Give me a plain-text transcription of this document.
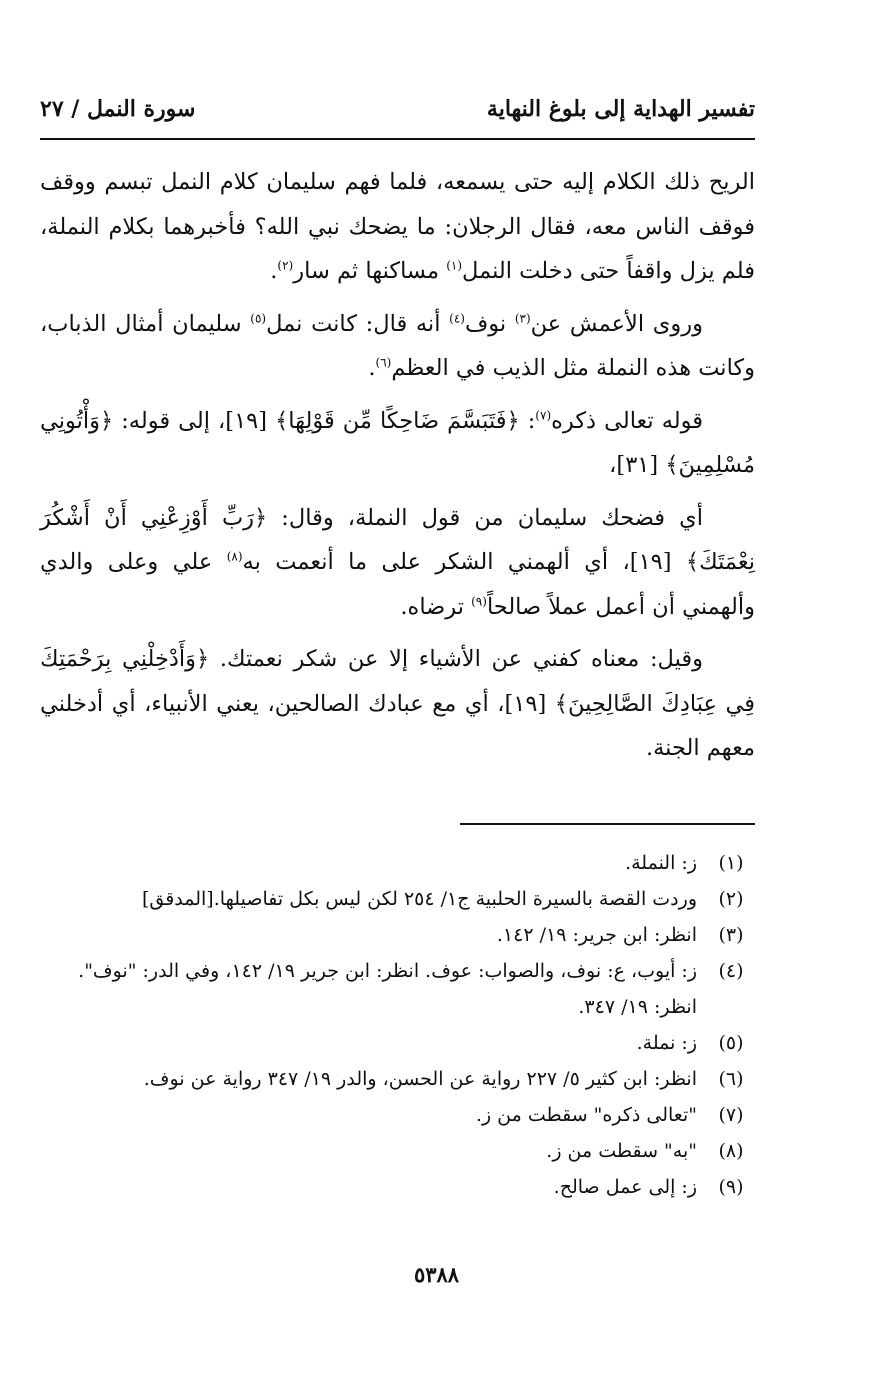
تفسير الهداية إلى بلوغ النهاية
سورة النمل / ٢٧

الريح ذلك الكلام إليه حتى يسمعه، فلما فهم سليمان كلام النمل تبسم ووقف فوقف الناس معه، فقال الرجلان: ما يضحك نبي الله؟ فأخبرهما بكلام النملة، فلم يزل واقفاً حتى دخلت النمل$^{(١)}$ مساكنها ثم سار$^{(٢)}$.

وروى الأعمش عن$^{(٣)}$ نوف$^{(٤)}$ أنه قال: كانت نمل$^{(٥)}$ سليمان أمثال الذباب، وكانت هذه النملة مثل الذيب في العظم$^{(٦)}$.

قوله تعالى ذكره$^{(٧)}$: ﴿فَتَبَسَّمَ ضَاحِكًا مِّن قَوْلِهَا﴾ [١٩]، إلى قوله: ﴿وَأْتُونِي مُسْلِمِينَ﴾ [٣١]،

أي فضحك سليمان من قول النملة، وقال: ﴿رَبِّ أَوْزِعْنِي أَنْ أَشْكُرَ نِعْمَتَكَ﴾ [١٩]، أي ألهمني الشكر على ما أنعمت به$^{(٨)}$ علي وعلى والدي وألهمني أن أعمل عملاً صالحاً$^{(٩)}$ ترضاه.

وقيل: معناه كفني عن الأشياء إلا عن شكر نعمتك. ﴿وَأَدْخِلْنِي بِرَحْمَتِكَ فِي عِبَادِكَ الصَّالِحِينَ﴾ [١٩]، أي مع عبادك الصالحين، يعني الأنبياء، أي أدخلني معهم الجنة.

(١)
ز: النملة.
(٢)
وردت القصة بالسيرة الحلبية ج١/ ٢٥٤ لكن ليس بكل تفاصيلها.[المدقق]
(٣)
انظر: ابن جرير: ١٩/ ١٤٢.
(٤)
ز: أيوب، ع: نوف، والصواب: عوف. انظر: ابن جرير ١٩/ ١٤٢، وفي الدر: "نوف". انظر: ١٩/ ٣٤٧.
(٥)
ز: نملة.
(٦)
انظر: ابن كثير ٥/ ٢٢٧ رواية عن الحسن، والدر ١٩/ ٣٤٧ رواية عن نوف.
(٧)
"تعالى ذكره" سقطت من ز.
(٨)
"به" سقطت من ز.
(٩)
ز: إلى عمل صالح.
٥٣٨٨
